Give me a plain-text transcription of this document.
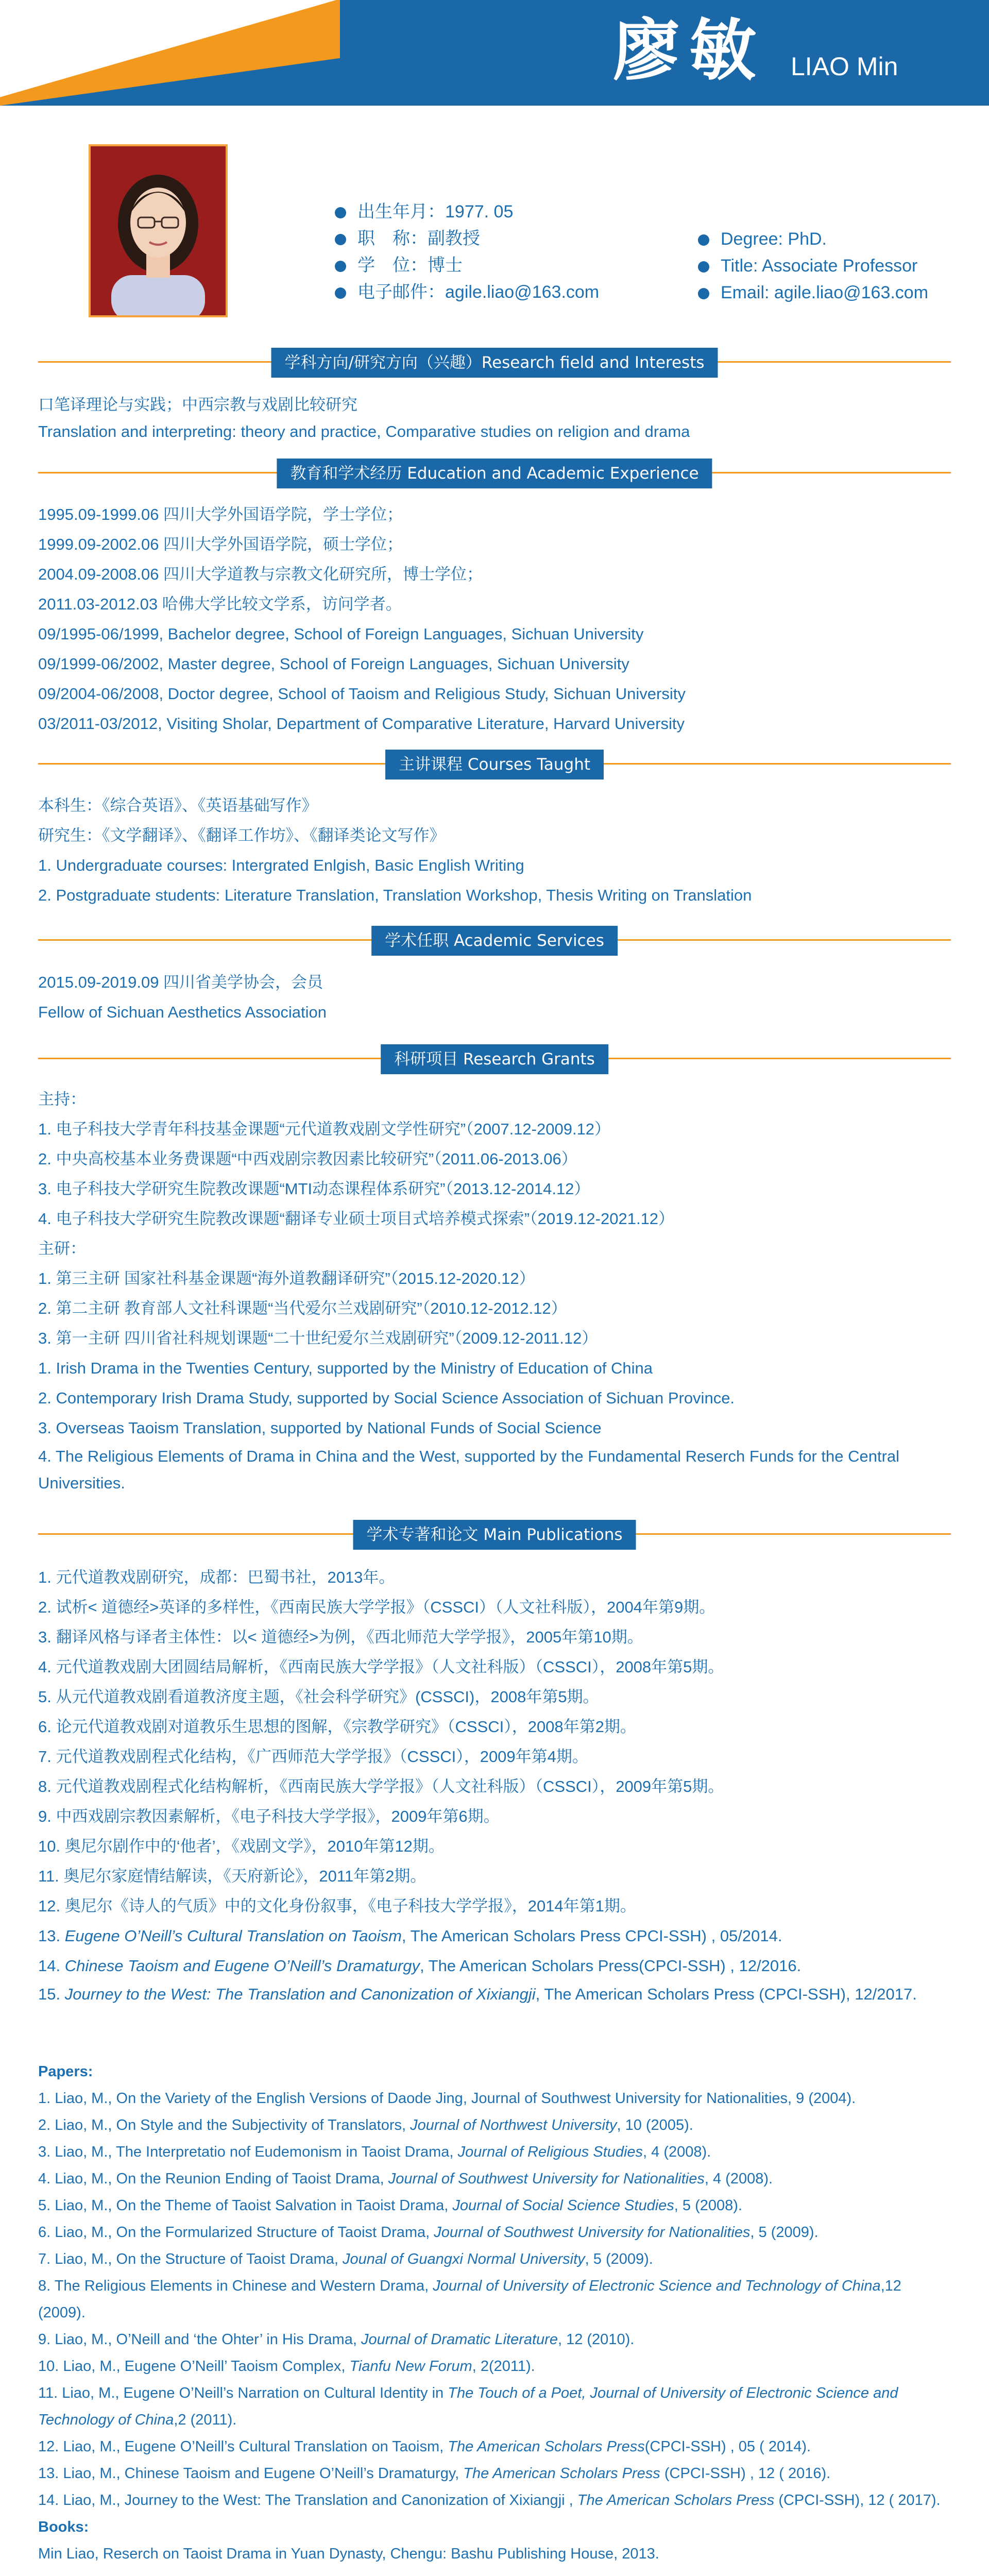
廖敏 LIAO Min
出生年月：1977. 05
职　称：副教授
学　位：博士
电子邮件：agile.liao@163.com
Degree: PhD.
Title: Associate Professor
Email: agile.liao@163.com
学科方向/研究方向（兴趣）Research field and Interests
口笔译理论与实践；中西宗教与戏剧比较研究
Translation and interpreting: theory and practice, Comparative studies on religion and drama
教育和学术经历 Education and Academic Experience
1995.09-1999.06 四川大学外国语学院，学士学位；
1999.09-2002.06 四川大学外国语学院，硕士学位；
2004.09-2008.06 四川大学道教与宗教文化研究所，博士学位；
2011.03-2012.03 哈佛大学比较文学系，访问学者。
09/1995-06/1999, Bachelor degree, School of Foreign Languages, Sichuan University
09/1999-06/2002, Master degree, School of Foreign Languages, Sichuan University
09/2004-06/2008, Doctor degree, School of Taoism and Religious Study, Sichuan University
03/2011-03/2012, Visiting Sholar, Department of Comparative Literature, Harvard University
主讲课程 Courses Taught
本科生：《综合英语》、《英语基础写作》
研究生：《文学翻译》、《翻译工作坊》、《翻译类论文写作》
1. Undergraduate courses: Intergrated Enlgish, Basic English Writing
2. Postgraduate students: Literature Translation, Translation Workshop, Thesis Writing on Translation
学术任职 Academic Services
2015.09-2019.09 四川省美学协会，会员
Fellow of Sichuan Aesthetics Association
科研项目 Research Grants
主持：
1. 电子科技大学青年科技基金课题“元代道教戏剧文学性研究”（2007.12-2009.12）
2. 中央高校基本业务费课题“中西戏剧宗教因素比较研究”（2011.06-2013.06）
3. 电子科技大学研究生院教改课题“MTI动态课程体系研究”（2013.12-2014.12）
4. 电子科技大学研究生院教改课题“翻译专业硕士项目式培养模式探索”（2019.12-2021.12）
主研：
1. 第三主研 国家社科基金课题“海外道教翻译研究”（2015.12-2020.12）
2. 第二主研 教育部人文社科课题“当代爱尔兰戏剧研究”（2010.12-2012.12）
3. 第一主研 四川省社科规划课题“二十世纪爱尔兰戏剧研究”（2009.12-2011.12）
1. Irish Drama in the Twenties Century, supported by the Ministry of Education of China
2. Contemporary Irish Drama Study, supported by Social Science Association of Sichuan Province.
3. Overseas Taoism Translation, supported by National Funds of Social Science
4. The Religious Elements of Drama in China and the West, supported by the Fundamental Reserch Funds for the Central Universities.
学术专著和论文 Main Publications
1. 元代道教戏剧研究，成都：巴蜀书社，2013年。
2. 试析< 道德经>英译的多样性，《西南民族大学学报》（CSSCI）（人文社科版），2004年第9期。
3. 翻译风格与译者主体性：以< 道德经>为例，《西北师范大学学报》，2005年第10期。
4. 元代道教戏剧大团圆结局解析，《西南民族大学学报》（人文社科版）（CSSCI），2008年第5期。
5. 从元代道教戏剧看道教济度主题，《社会科学研究》(CSSCI)，2008年第5期。
6. 论元代道教戏剧对道教乐生思想的图解，《宗教学研究》（CSSCI），2008年第2期。
7. 元代道教戏剧程式化结构，《广西师范大学学报》（CSSCI），2009年第4期。
8. 元代道教戏剧程式化结构解析，《西南民族大学学报》（人文社科版）（CSSCI），2009年第5期。
9. 中西戏剧宗教因素解析，《电子科技大学学报》，2009年第6期。
10. 奥尼尔剧作中的‘他者’，《戏剧文学》，2010年第12期。
11. 奥尼尔家庭情结解读，《天府新论》，2011年第2期。
12. 奥尼尔《诗人的气质》中的文化身份叙事，《电子科技大学学报》，2014年第1期。
13. Eugene O’Neill’s Cultural Translation on Taoism, The American Scholars Press CPCI-SSH) , 05/2014.
14. Chinese Taoism and Eugene O’Neill’s Dramaturgy, The American Scholars Press(CPCI-SSH) , 12/2016.
15. Journey to the West: The Translation and Canonization of Xixiangji, The American Scholars Press (CPCI-SSH), 12/2017.
Papers:
1. Liao, M., On the Variety of the English Versions of Daode Jing, Journal of Southwest University for Nationalities, 9 (2004).
2. Liao, M., On Style and the Subjectivity of Translators, Journal of Northwest University, 10 (2005).
3. Liao, M., The Interpretatio nof Eudemonism in Taoist Drama, Journal of Religious Studies, 4 (2008).
4. Liao, M., On the Reunion Ending of Taoist Drama, Journal of Southwest University for Nationalities, 4 (2008).
5. Liao, M., On the Theme of Taoist Salvation in Taoist Drama, Journal of Social Science Studies, 5 (2008).
6. Liao, M., On the Formularized Structure of Taoist Drama, Journal of Southwest University for Nationalities, 5 (2009).
7. Liao, M., On the Structure of Taoist Drama, Jounal of Guangxi Normal University, 5 (2009).
8. The Religious Elements in Chinese and Western Drama, Journal of University of Electronic Science and Technology of China,12 (2009).
9. Liao, M., O’Neill and ‘the Ohter’ in His Drama, Journal of Dramatic Literature, 12 (2010).
10. Liao, M., Eugene O’Neill’ Taoism Complex, Tianfu New Forum, 2(2011).
11. Liao, M., Eugene O’Neill’s Narration on Cultural Identity in The Touch of a Poet, Journal of University of Electronic Science and Technology of China,2 (2011).
12. Liao, M., Eugene O’Neill’s Cultural Translation on Taoism, The American Scholars Press(CPCI-SSH) , 05 ( 2014).
13. Liao, M., Chinese Taoism and Eugene O’Neill’s Dramaturgy, The American Scholars Press (CPCI-SSH) , 12 ( 2016).
14. Liao, M., Journey to the West: The Translation and Canonization of Xixiangji , The American Scholars Press (CPCI-SSH), 12 ( 2017).
Books:
Min Liao, Reserch on Taoist Drama in Yuan Dynasty, Chengu: Bashu Publishing House, 2013.
